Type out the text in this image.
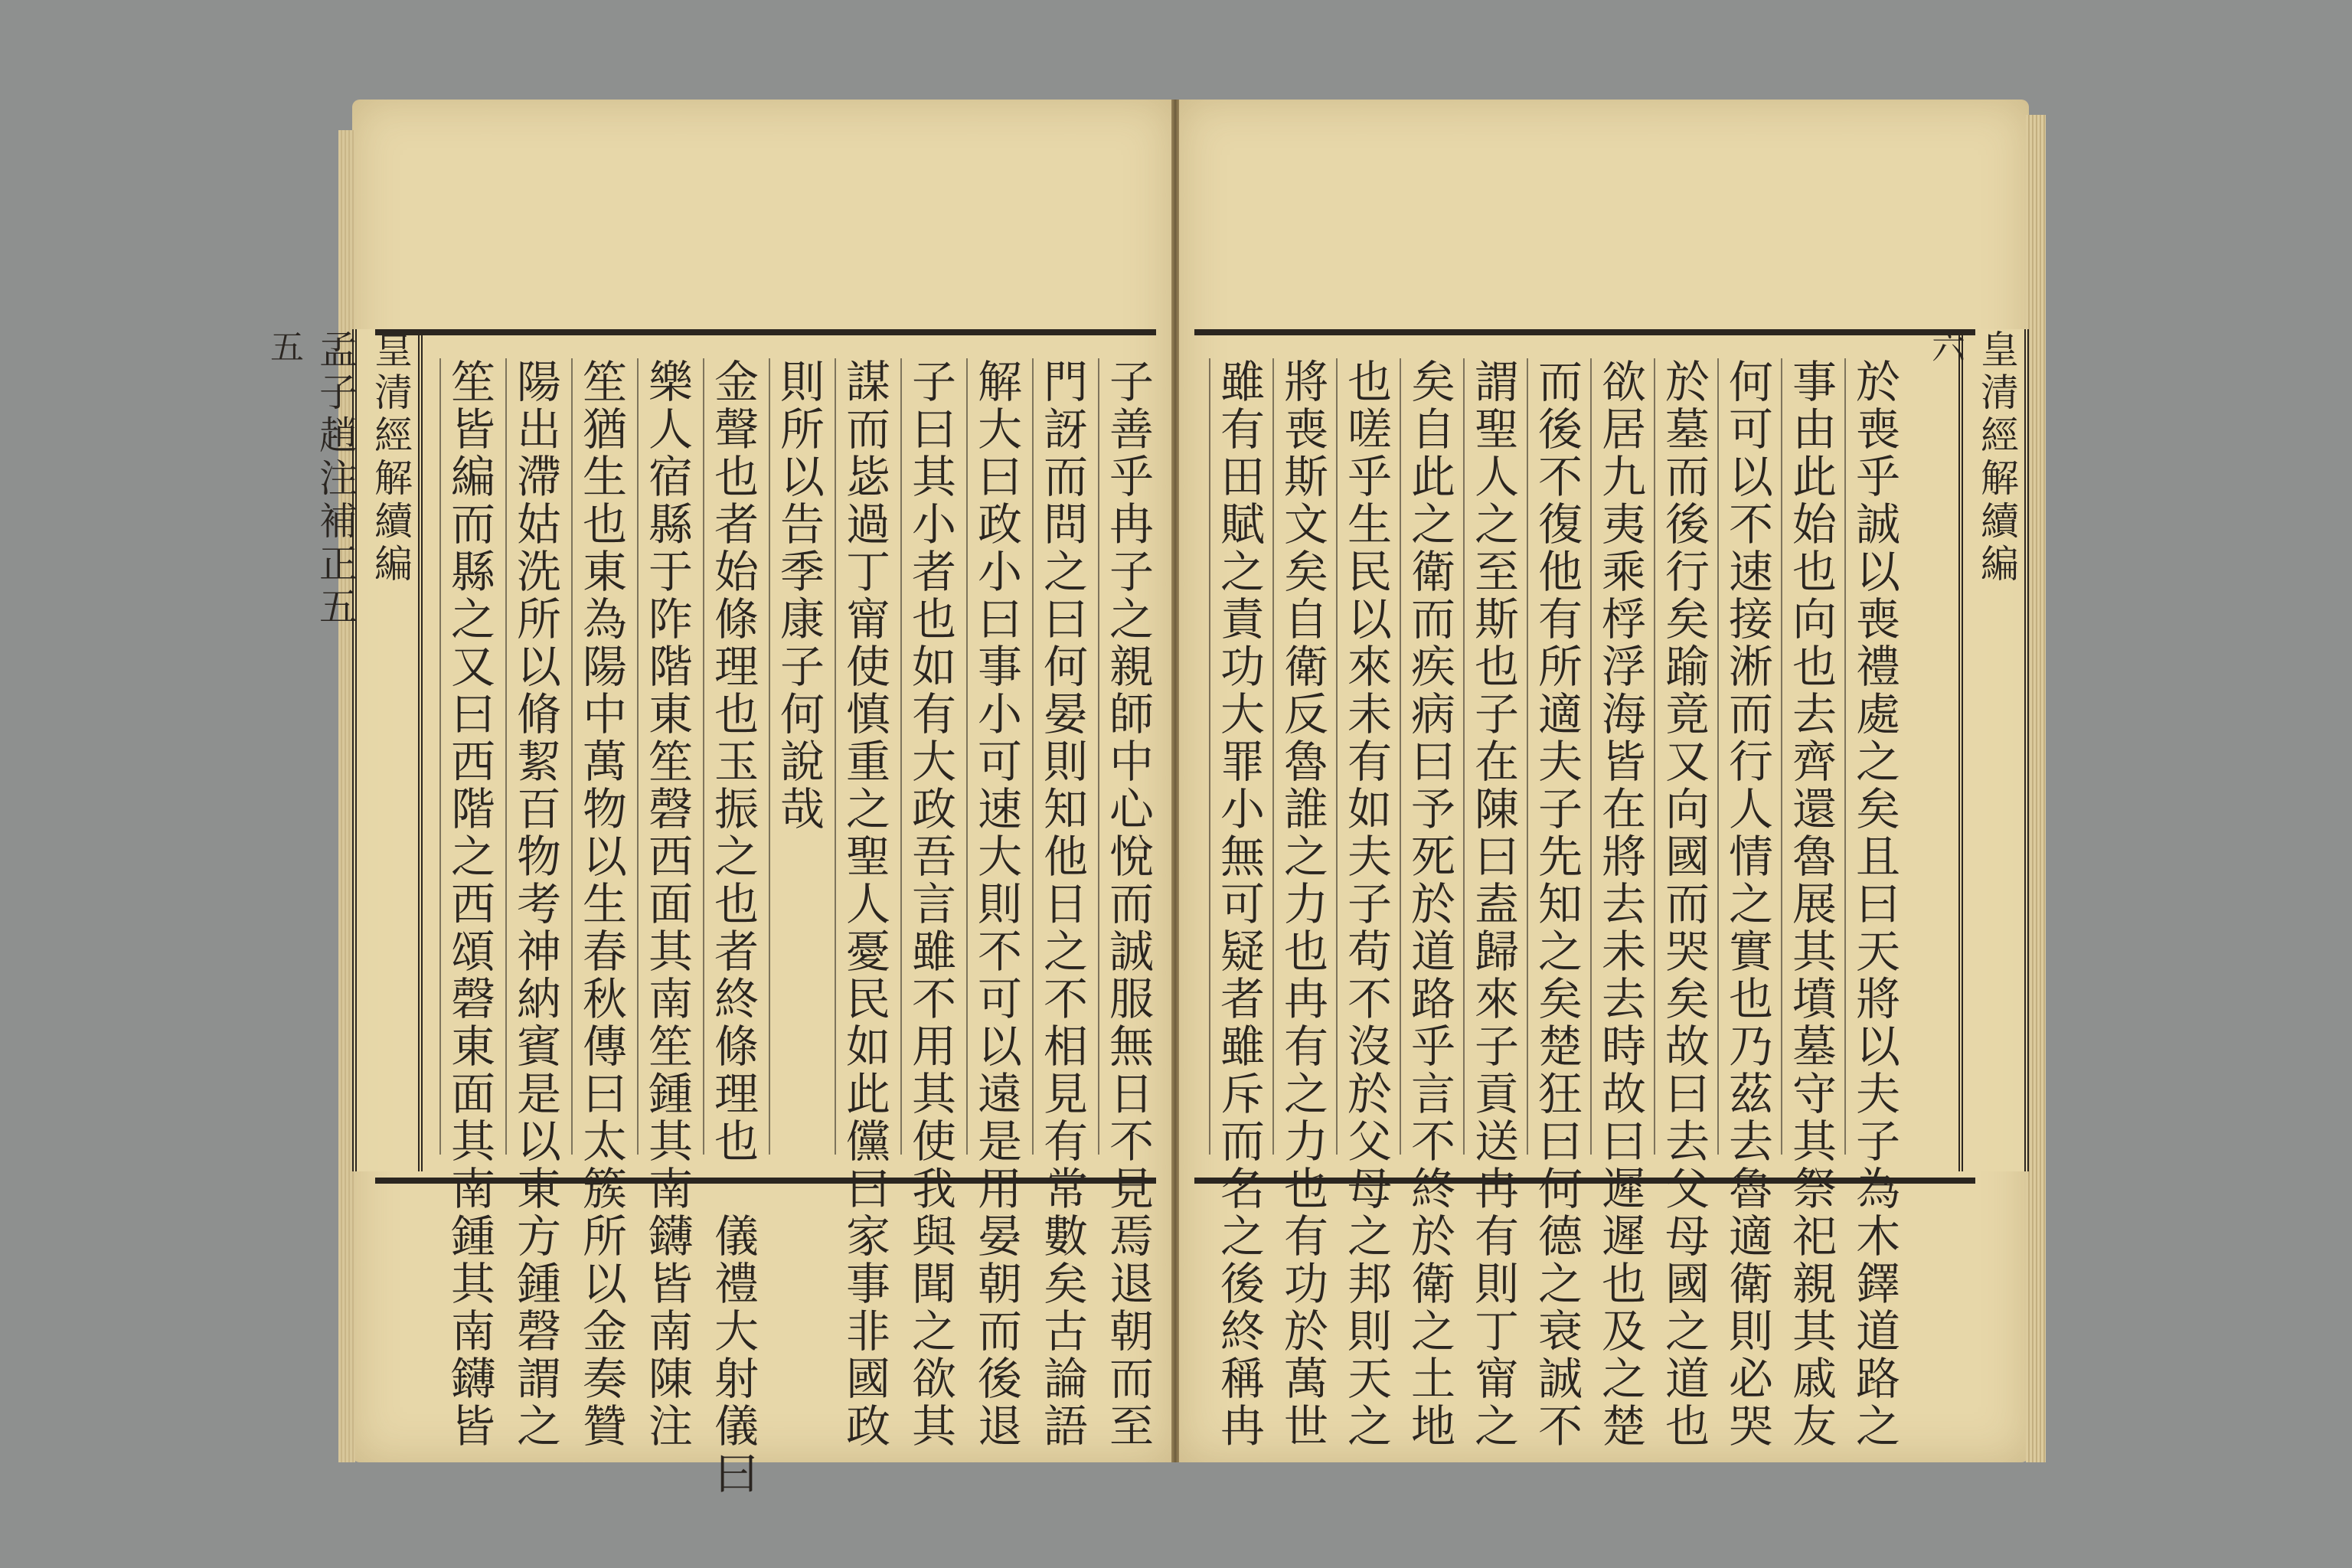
皇清經解續編
孟子趙注補正五
五
子善乎冉子之親師中心悅而誠服無日不見焉退朝而至
門訝而問之曰何晏則知他日之不相見有常數矣古論語
解大曰政小曰事小可速大則不可以遠是用晏朝而後退
子曰其小者也如有大政吾言雖不用其使我與聞之欲其
謀而毖過丁甯使慎重之聖人憂民如此儻曰家事非國政
則所以告季康子何說哉
金聲也者始條理也玉振之也者終條理也　儀禮大射儀曰
樂人宿縣于阼階東笙磬西面其南笙鍾其南鑮皆南陳注
笙猶生也東為陽中萬物以生春秋傳曰太簇所以金奏贊
陽出滯姑洗所以脩絜百物考神納賓是以東方鍾磬謂之
笙皆編而縣之又曰西階之西頌磬東面其南鍾其南鑮皆	皇清經解續編
六
於喪乎誠以喪禮處之矣且曰天將以夫子為木鐸道路之
事由此始也向也去齊還魯展其墳墓守其祭祀親其戚友
何可以不速接淅而行人情之實也乃茲去魯適衛則必哭
於墓而後行矣踰竟又向國而哭矣故曰去父母國之道也
欲居九夷乘桴浮海皆在將去未去時故曰遲遲也及之楚
而後不復他有所適夫子先知之矣楚狂曰何德之衰誠不
謂聖人之至斯也子在陳曰盍歸來子貢送冉有則丁甯之
矣自此之衛而疾病曰予死於道路乎言不終於衛之土地
也嗟乎生民以來未有如夫子苟不沒於父母之邦則天之
將喪斯文矣自衛反魯誰之力也冉有之力也有功於萬世
雖有田賦之責功大罪小無可疑者雖斥而名之後終稱冉
